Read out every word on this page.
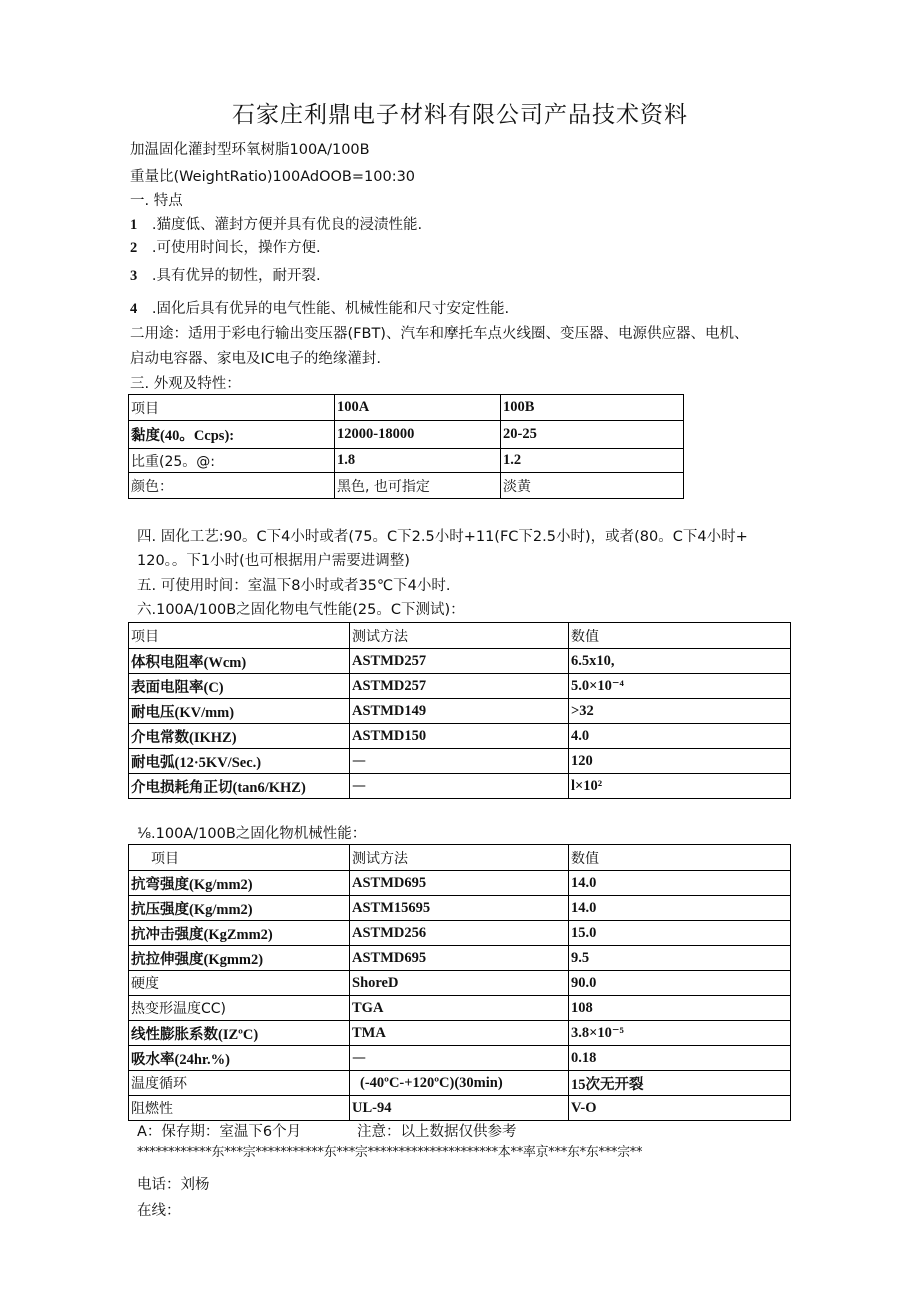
石家庄利鼎电子材料有限公司产品技术资料
加温固化灌封型环氧树脂100A/100B
重量比(WeightRatio)100AdOOB=100:30
一. 特点
1 .猫度低、灌封方便并具有优良的浸渍性能.
2 .可使用时间长，操作方便.
3 .具有优异的韧性，耐开裂.
4 .固化后具有优异的电气性能、机械性能和尺寸安定性能.
二用途：适用于彩电行输出变压器(FBT)、汽车和摩托车点火线圈、变压器、电源供应器、电机、
启动电容器、家电及IC电子的绝缘灌封.
三. 外观及特性：
项目	100A	100B
黏度(40。Ccps):	12000-18000	20-25
比重(25。@:	1.8	1.2
颜色：	黑色, 也可指定	淡黄
四. 固化工艺:90。C下4小时或者(75。C下2.5小时+11(FC下2.5小时)，或者(80。C下4小时+
120。。下1小时(也可根据用户需要进调整)
五. 可使用时间：室温下8小时或者35℃下4小时.
六.100A/100B之固化物电气性能(25。C下测试)：
项目	测试方法	数值
体积电阻率(Wcm)	ASTMD257	6.5x10,
表面电阻率(C)	ASTMD257	5.0×10⁻⁴
耐电压(KV/mm)	ASTMD149	>32
介电常数(IKHZ)	ASTMD150	4.0
耐电弧(12·5KV/Sec.)	—	120
介电损耗角正切(tan6/KHZ)	—	l×10²
⅛.100A/100B之固化物机械性能：
项目	测试方法	数值
抗弯强度(Kg/mm2)	ASTMD695	14.0
抗压强度(Kg/mm2)	ASTM15695	14.0
抗冲击强度(KgZmm2)	ASTMD256	15.0
抗拉伸强度(Kgmm2)	ASTMD695	9.5
硬度	ShoreD	90.0
热变形温度CC)	TGA	108
线性膨胀系数(IZºC)	TMA	3.8×10⁻⁵
吸水率(24hr.%)	—	0.18
温度循环	(-40ºC-+120ºC)(30min)	15次无开裂
阻燃性	UL-94	V-O
A：保存期：室温下6个月	注意：以上数据仅供参考
************东***宗***********东***宗*********************本**率京***东*东***宗**
电话：刘杨
在线：
